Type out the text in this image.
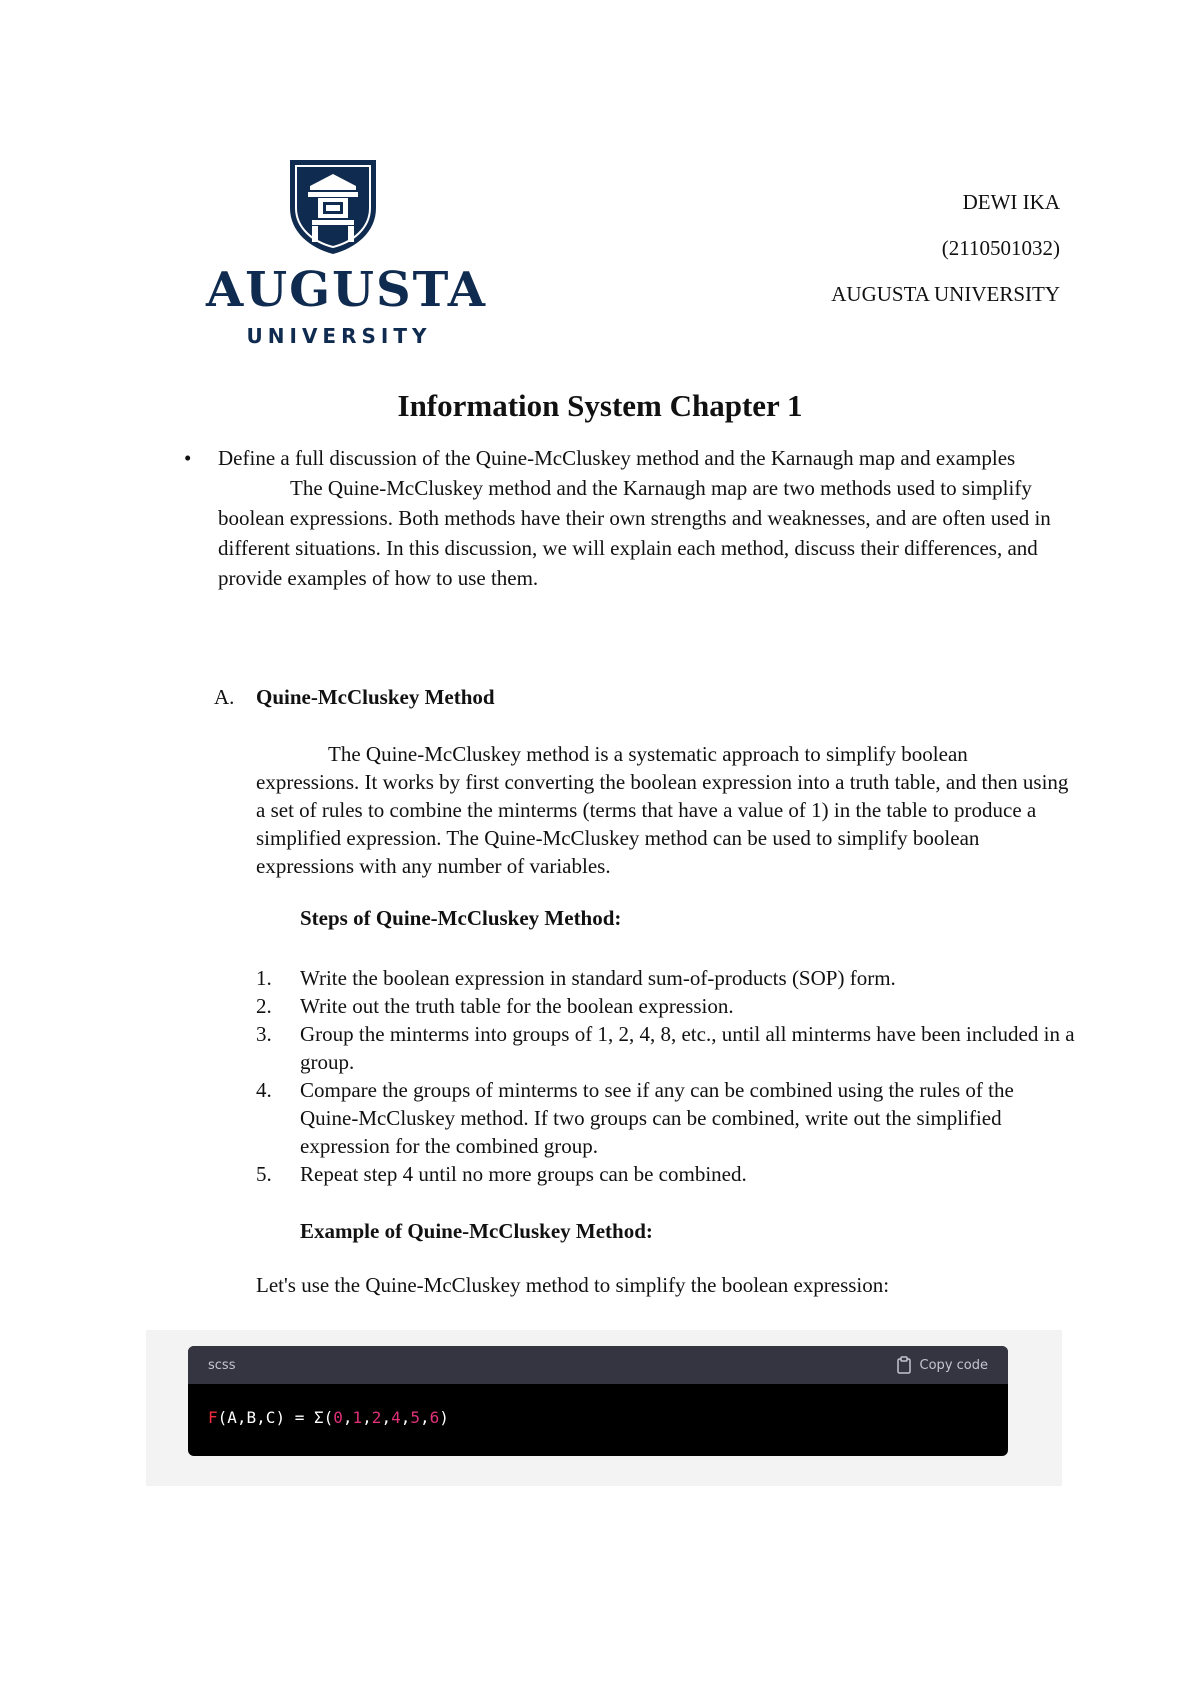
AUGUSTA
UNIVERSITY
DEWI IKA
(2110501032)
AUGUSTA UNIVERSITY
Information System Chapter 1
• Define a full discussion of the Quine-McCluskey method and the Karnaugh map and examples
The Quine-McCluskey method and the Karnaugh map are two methods used to simplify boolean expressions. Both methods have their own strengths and weaknesses, and are often used in different situations. In this discussion, we will explain each method, discuss their differences, and provide examples of how to use them.
A. Quine-McCluskey Method
The Quine-McCluskey method is a systematic approach to simplify boolean expressions. It works by first converting the boolean expression into a truth table, and then using a set of rules to combine the minterms (terms that have a value of 1) in the table to produce a simplified expression. The Quine-McCluskey method can be used to simplify boolean expressions with any number of variables.
Steps of Quine-McCluskey Method:
1. Write the boolean expression in standard sum-of-products (SOP) form.
2. Write out the truth table for the boolean expression.
3. Group the minterms into groups of 1, 2, 4, 8, etc., until all minterms have been included in a group.
4. Compare the groups of minterms to see if any can be combined using the rules of the Quine-McCluskey method. If two groups can be combined, write out the simplified expression for the combined group.
5. Repeat step 4 until no more groups can be combined.
Example of Quine-McCluskey Method:
Let's use the Quine-McCluskey method to simplify the boolean expression:
scss	Copy code
F(A,B,C) = Σ(0,1,2,4,5,6)
